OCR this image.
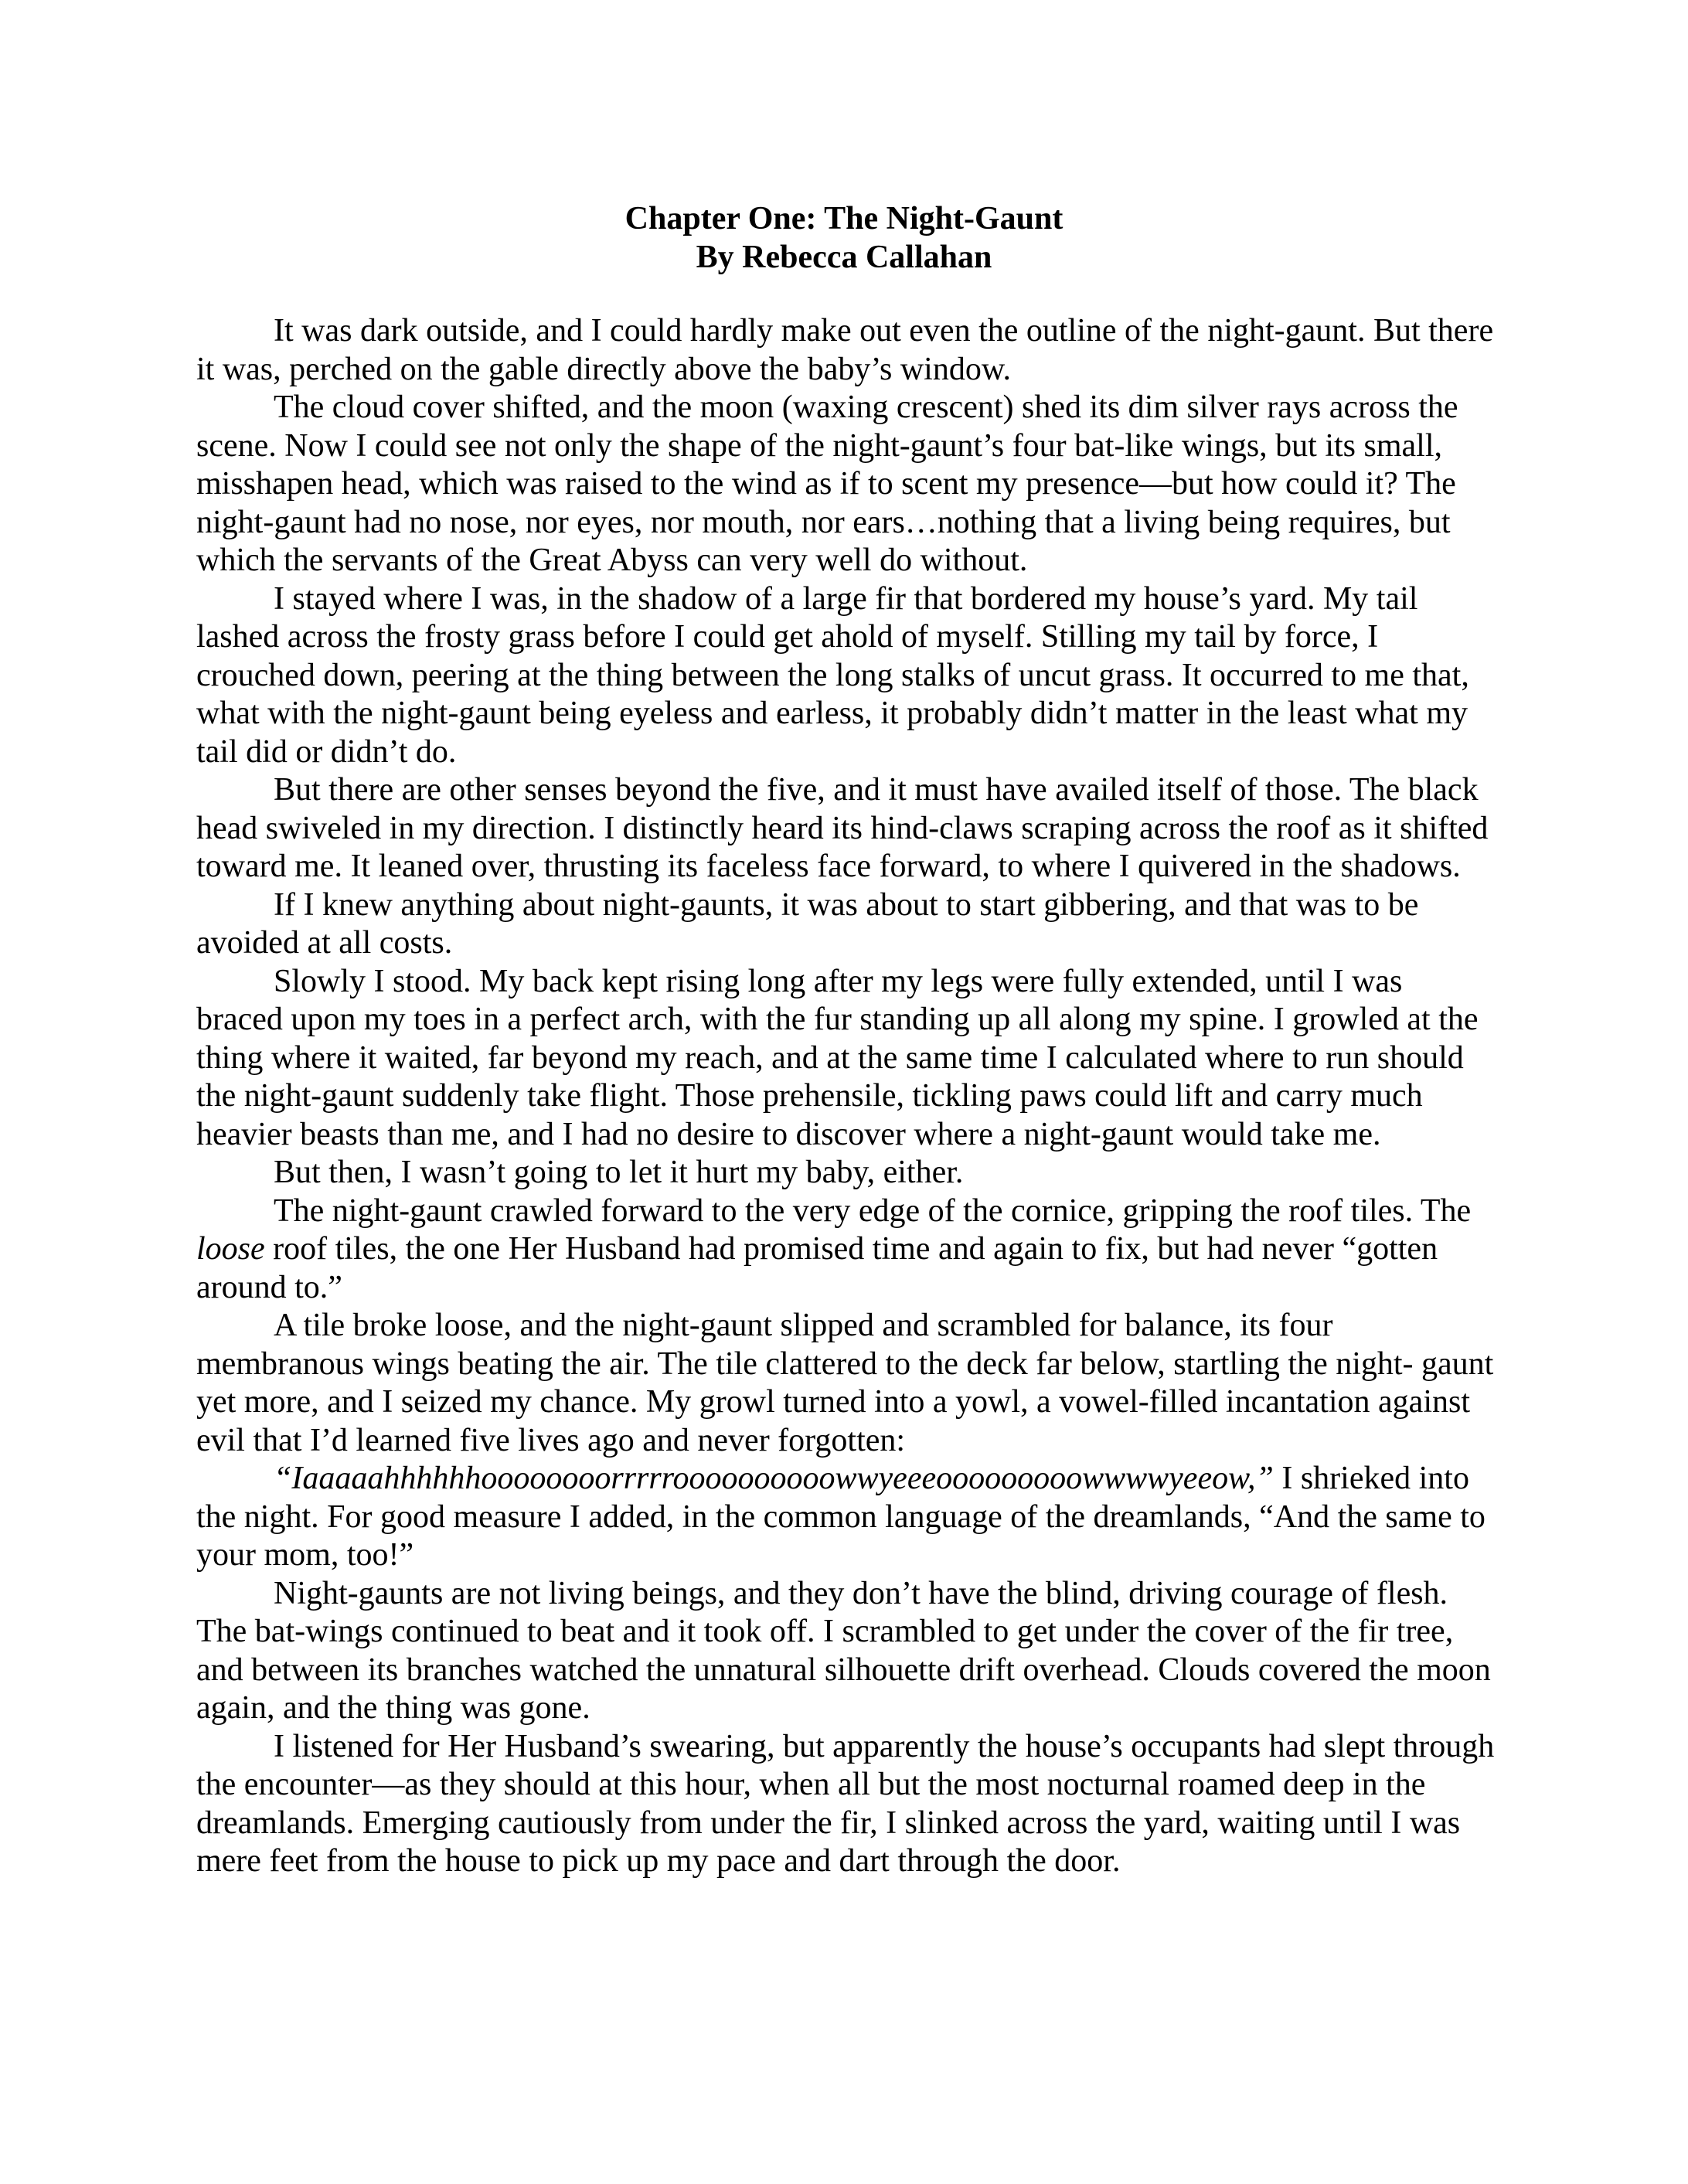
Chapter One: The Night-Gaunt
By Rebecca Callahan

It was dark outside, and I could hardly make out even the outline of the night-gaunt. But there it was, perched on the gable directly above the baby’s window.

The cloud cover shifted, and the moon (waxing crescent) shed its dim silver rays across the scene. Now I could see not only the shape of the night-gaunt’s four bat-like wings, but its small, misshapen head, which was raised to the wind as if to scent my presence—but how could it? The night-gaunt had no nose, nor eyes, nor mouth, nor ears…nothing that a living being requires, but which the servants of the Great Abyss can very well do without.

I stayed where I was, in the shadow of a large fir that bordered my house’s yard. My tail lashed across the frosty grass before I could get ahold of myself. Stilling my tail by force, I crouched down, peering at the thing between the long stalks of uncut grass. It occurred to me that, what with the night-gaunt being eyeless and earless, it probably didn’t matter in the least what my tail did or didn’t do.

But there are other senses beyond the five, and it must have availed itself of those. The black head swiveled in my direction. I distinctly heard its hind-claws scraping across the roof as it shifted toward me. It leaned over, thrusting its faceless face forward, to where I quivered in the shadows.

If I knew anything about night-gaunts, it was about to start gibbering, and that was to be avoided at all costs.

Slowly I stood. My back kept rising long after my legs were fully extended, until I was braced upon my toes in a perfect arch, with the fur standing up all along my spine. I growled at the thing where it waited, far beyond my reach, and at the same time I calculated where to run should the night-gaunt suddenly take flight. Those prehensile, tickling paws could lift and carry much heavier beasts than me, and I had no desire to discover where a night-gaunt would take me.

But then, I wasn’t going to let it hurt my baby, either.

The night-gaunt crawled forward to the very edge of the cornice, gripping the roof tiles. The loose roof tiles, the one Her Husband had promised time and again to fix, but had never “gotten around to.”

A tile broke loose, and the night-gaunt slipped and scrambled for balance, its four membranous wings beating the air. The tile clattered to the deck far below, startling the night- gaunt yet more, and I seized my chance. My growl turned into a yowl, a vowel-filled incantation against evil that I’d learned five lives ago and never forgotten:

“Iaaaaahhhhhhoooooooorrrrroooooooooowwyeeeooooooooowwwwyeeow,” I shrieked into the night. For good measure I added, in the common language of the dreamlands, “And the same to your mom, too!”

Night-gaunts are not living beings, and they don’t have the blind, driving courage of flesh. The bat-wings continued to beat and it took off. I scrambled to get under the cover of the fir tree, and between its branches watched the unnatural silhouette drift overhead. Clouds covered the moon again, and the thing was gone.

I listened for Her Husband’s swearing, but apparently the house’s occupants had slept through the encounter—as they should at this hour, when all but the most nocturnal roamed deep in the dreamlands. Emerging cautiously from under the fir, I slinked across the yard, waiting until I was mere feet from the house to pick up my pace and dart through the door.
